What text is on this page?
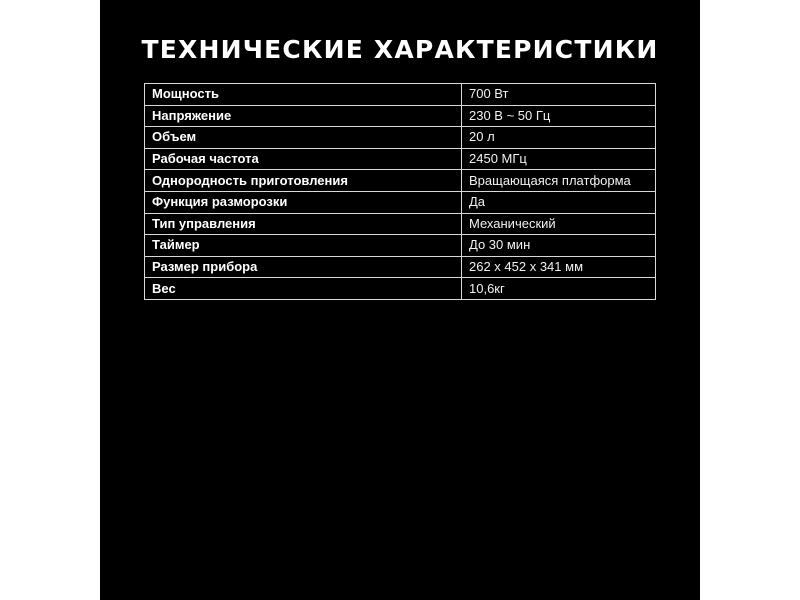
ТЕХНИЧЕСКИЕ ХАРАКТЕРИСТИКИ
Мощность	700 Вт
Напряжение	230 В ~ 50 Гц
Объем	20 л
Рабочая частота	2450 МГц
Однородность приготовления	Вращающаяся платформа
Функция разморозки	Да
Тип управления	Механический
Таймер	До 30 мин
Размер прибора	262 x 452 x 341 мм
Вес	10,6кг
